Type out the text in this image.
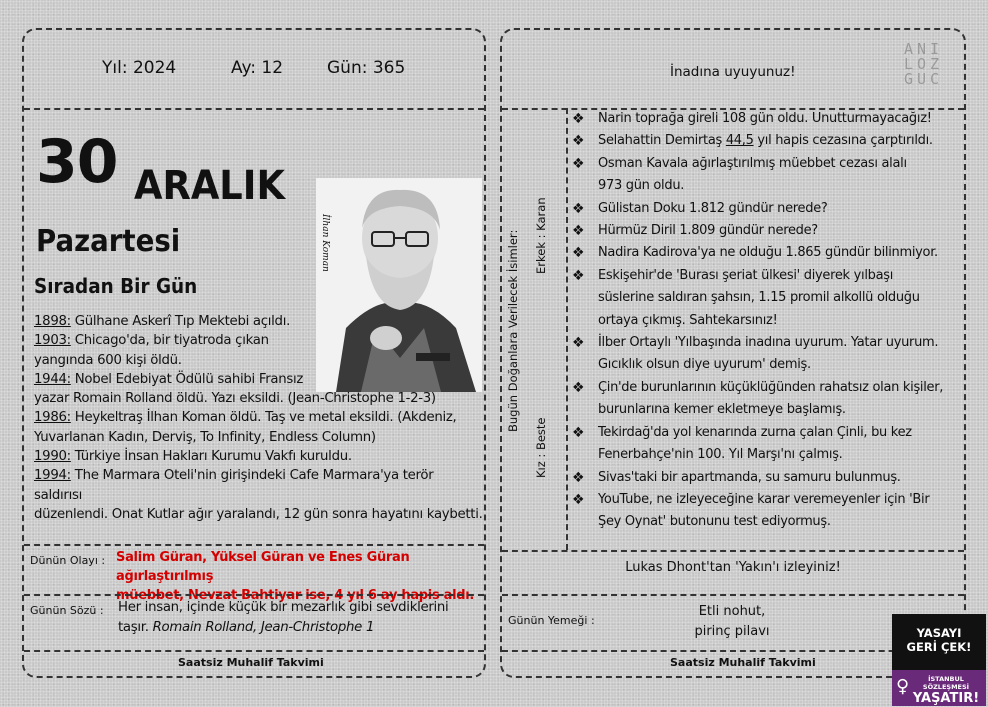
Yıl: 2024	Ay: 12	Gün: 365
30 ARALIK
Pazartesi
Sıradan Bir Gün
İlhan Koman
1898: Gülhane Askerî Tıp Mektebi açıldı.
1903: Chicago'da, bir tiyatroda çıkan
yangında 600 kişi öldü.
1944: Nobel Edebiyat Ödülü sahibi Fransız
yazar Romain Rolland öldü. Yazı eksildi. (Jean-Christophe 1-2-3)
1986: Heykeltraş İlhan Koman öldü. Taş ve metal eksildi. (Akdeniz,
Yuvarlanan Kadın, Derviş, To Infinity, Endless Column)
1990: Türkiye İnsan Hakları Kurumu Vakfı kuruldu.
1994: The Marmara Oteli'nin girişindeki Cafe Marmara'ya terör saldırısı
düzenlendi. Onat Kutlar ağır yaralandı, 12 gün sonra hayatını kaybetti.
Dünün Olayı : Salim Güran, Yüksel Güran ve Enes Güran ağırlaştırılmış
müebbet, Nevzat Bahtiyar ise, 4 yıl 6 ay hapis aldı.
Günün Sözü : Her insan, içinde küçük bir mezarlık gibi sevdiklerini
taşır. Romain Rolland, Jean-Christophe 1
Saatsiz Muhalif Takvimi
İnadına uyuyunuz!
ANI
LOZ
GUC
Bugün Doğanlara Verilecek İsimler: Erkek : Karan
Kız : Beste
❖ Narin toprağa gireli 108 gün oldu. Unutturmayacağız!
❖ Selahattin Demirtaş 44,5 yıl hapis cezasına çarptırıldı.
❖ Osman Kavala ağırlaştırılmış müebbet cezası alalı
973 gün oldu.
❖ Gülistan Doku 1.812 gündür nerede?
❖ Hürmüz Diril 1.809 gündür nerede?
❖ Nadira Kadirova'ya ne olduğu 1.865 gündür bilinmiyor.
❖ Eskişehir'de 'Burası şeriat ülkesi' diyerek yılbaşı
süslerine saldıran şahsın, 1.15 promil alkollü olduğu
ortaya çıkmış. Sahtekarsınız!
❖ İlber Ortaylı 'Yılbaşında inadına uyurum. Yatar uyurum.
Gıcıklık olsun diye uyurum' demiş.
❖ Çin'de burunlarının küçüklüğünden rahatsız olan kişiler,
burunlarına kemer ekletmeye başlamış.
❖ Tekirdağ'da yol kenarında zurna çalan Çinli, bu kez
Fenerbahçe'nin 100. Yıl Marşı'nı çalmış.
❖ Sivas'taki bir apartmanda, su samuru bulunmuş.
❖ YouTube, ne izleyeceğine karar veremeyenler için 'Bir
Şey Oynat' butonunu test ediyormuş.
Lukas Dhont'tan 'Yakın'ı izleyiniz!
Günün Yemeği :
Etli nohut,
pirinç pilavı
Saatsiz Muhalif Takvimi
YASAYI
GERİ ÇEK!
♀	İSTANBUL SÖZLEŞMESİ
YAŞATIR!
